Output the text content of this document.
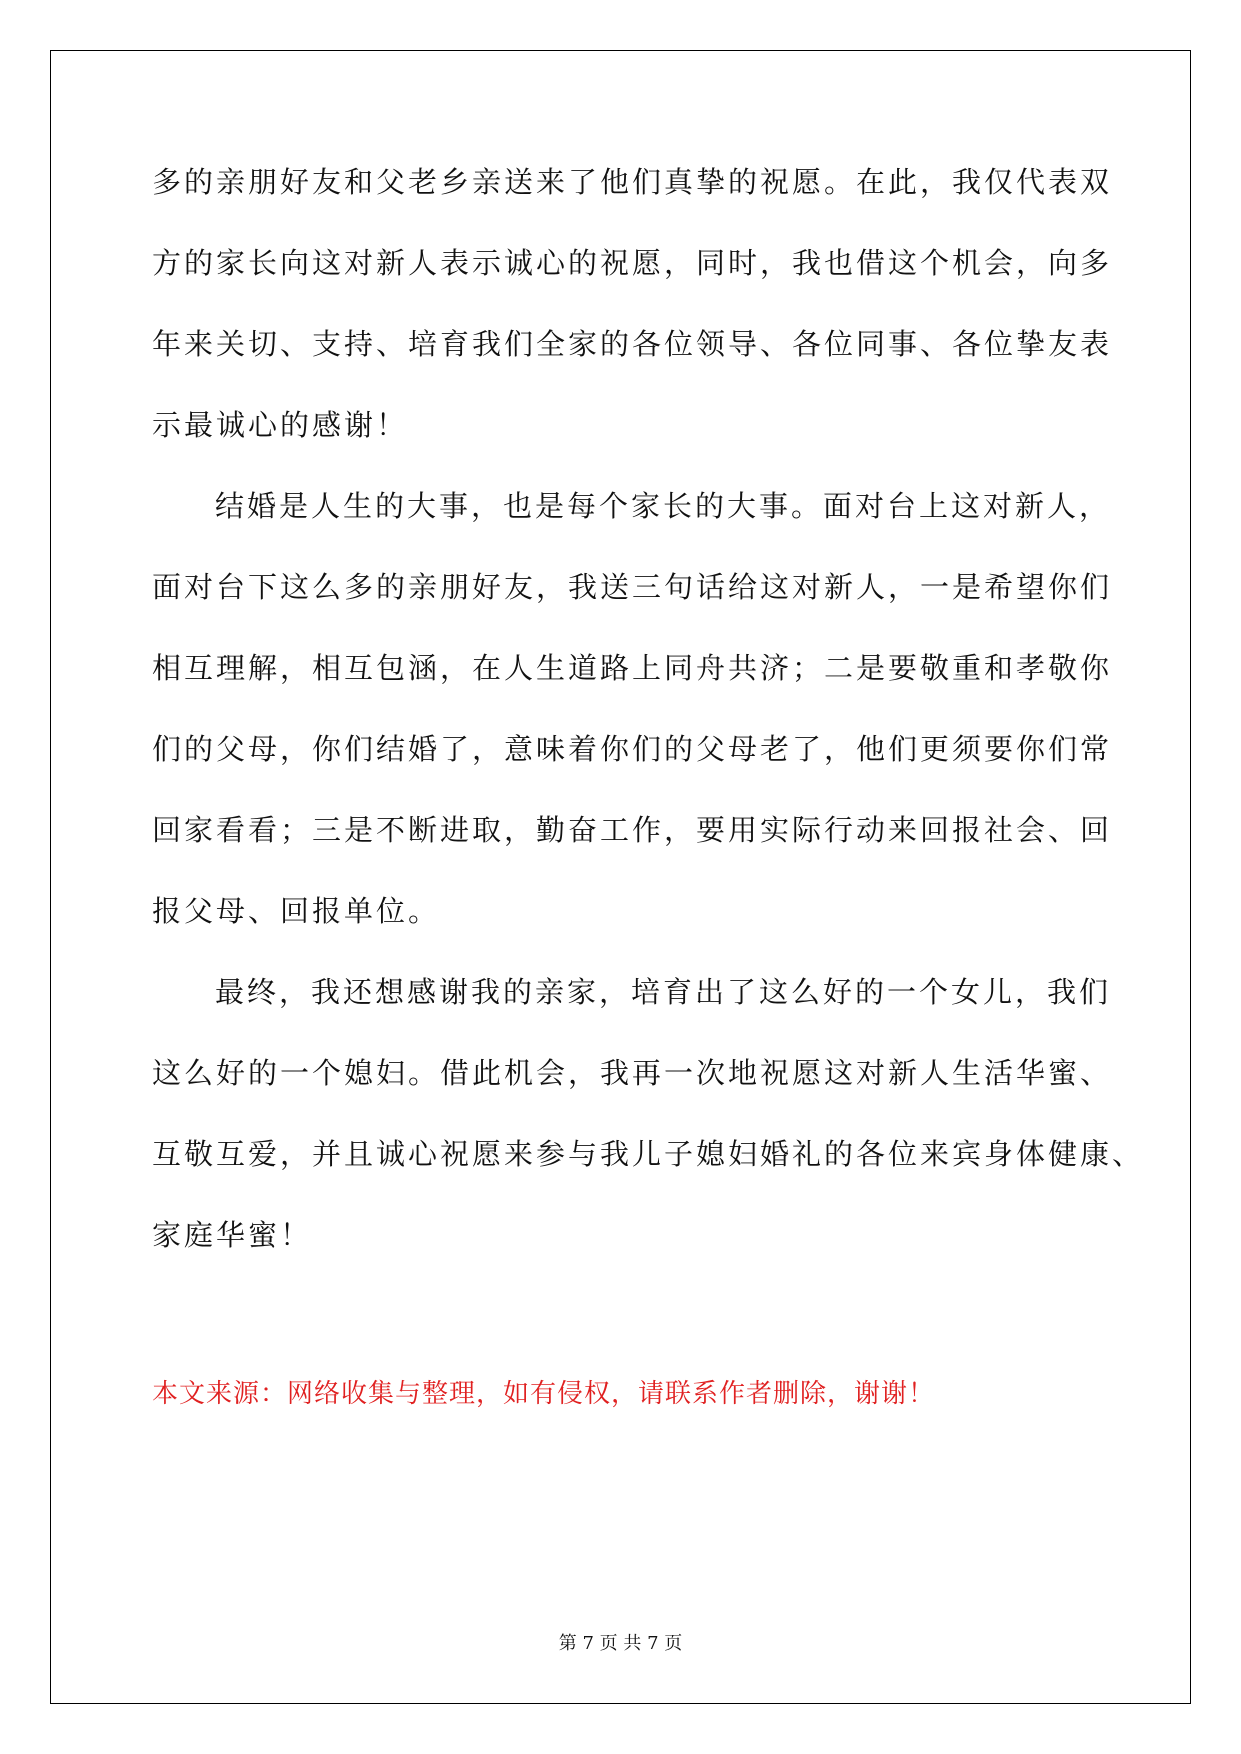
多的亲朋好友和父老乡亲送来了他们真挚的祝愿。在此，我仅代表双
方的家长向这对新人表示诚心的祝愿，同时，我也借这个机会，向多
年来关切、支持、培育我们全家的各位领导、各位同事、各位挚友表
示最诚心的感谢！
结婚是人生的大事，也是每个家长的大事。面对台上这对新人，
面对台下这么多的亲朋好友，我送三句话给这对新人，一是希望你们
相互理解，相互包涵，在人生道路上同舟共济；二是要敬重和孝敬你
们的父母，你们结婚了，意味着你们的父母老了，他们更须要你们常
回家看看；三是不断进取，勤奋工作，要用实际行动来回报社会、回
报父母、回报单位。
最终，我还想感谢我的亲家，培育出了这么好的一个女儿，我们
这么好的一个媳妇。借此机会，我再一次地祝愿这对新人生活华蜜、
互敬互爱，并且诚心祝愿来参与我儿子媳妇婚礼的各位来宾身体健康、
家庭华蜜！
本文来源：网络收集与整理，如有侵权，请联系作者删除，谢谢！
第 7 页 共 7 页
